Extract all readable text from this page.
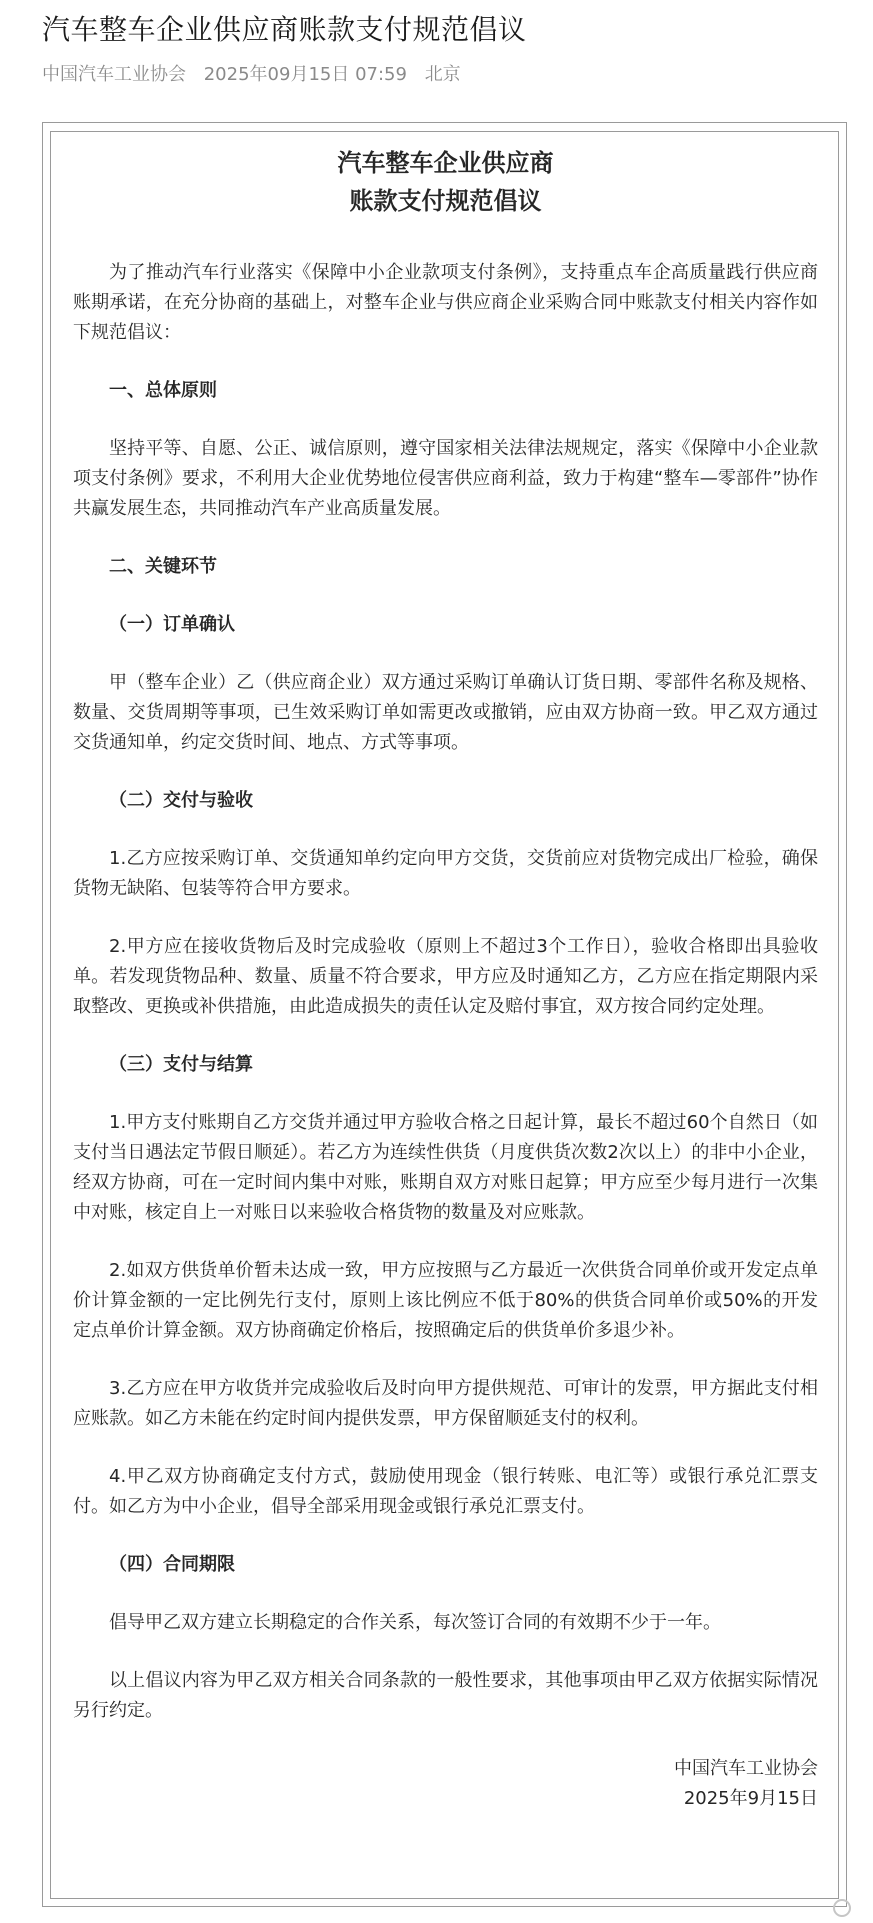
汽车整车企业供应商账款支付规范倡议
中国汽车工业协会 2025年09月15日 07:59 北京
汽车整车企业供应商
账款支付规范倡议

为了推动汽车行业落实《保障中小企业款项支付条例》，支持重点车企高质量践行供应商账期承诺，在充分协商的基础上，对整车企业与供应商企业采购合同中账款支付相关内容作如下规范倡议：

一、总体原则

坚持平等、自愿、公正、诚信原则，遵守国家相关法律法规规定，落实《保障中小企业款项支付条例》要求，不利用大企业优势地位侵害供应商利益，致力于构建“整车—零部件”协作共赢发展生态，共同推动汽车产业高质量发展。

二、关键环节

（一）订单确认

甲（整车企业）乙（供应商企业）双方通过采购订单确认订货日期、零部件名称及规格、数量、交货周期等事项，已生效采购订单如需更改或撤销，应由双方协商一致。甲乙双方通过交货通知单，约定交货时间、地点、方式等事项。

（二）交付与验收

1.乙方应按采购订单、交货通知单约定向甲方交货，交货前应对货物完成出厂检验，确保货物无缺陷、包装等符合甲方要求。

2.甲方应在接收货物后及时完成验收（原则上不超过3个工作日），验收合格即出具验收单。若发现货物品种、数量、质量不符合要求，甲方应及时通知乙方，乙方应在指定期限内采取整改、更换或补供措施，由此造成损失的责任认定及赔付事宜，双方按合同约定处理。

（三）支付与结算

1.甲方支付账期自乙方交货并通过甲方验收合格之日起计算，最长不超过60个自然日（如支付当日遇法定节假日顺延）。若乙方为连续性供货（月度供货次数2次以上）的非中小企业，经双方协商，可在一定时间内集中对账，账期自双方对账日起算；甲方应至少每月进行一次集中对账，核定自上一对账日以来验收合格货物的数量及对应账款。

2.如双方供货单价暂未达成一致，甲方应按照与乙方最近一次供货合同单价或开发定点单价计算金额的一定比例先行支付，原则上该比例应不低于80%的供货合同单价或50%的开发定点单价计算金额。双方协商确定价格后，按照确定后的供货单价多退少补。

3.乙方应在甲方收货并完成验收后及时向甲方提供规范、可审计的发票，甲方据此支付相应账款。如乙方未能在约定时间内提供发票，甲方保留顺延支付的权利。

4.甲乙双方协商确定支付方式，鼓励使用现金（银行转账、电汇等）或银行承兑汇票支付。如乙方为中小企业，倡导全部采用现金或银行承兑汇票支付。

（四）合同期限

倡导甲乙双方建立长期稳定的合作关系，每次签订合同的有效期不少于一年。

以上倡议内容为甲乙双方相关合同条款的一般性要求，其他事项由甲乙双方依据实际情况另行约定。

中国汽车工业协会
2025年9月15日
